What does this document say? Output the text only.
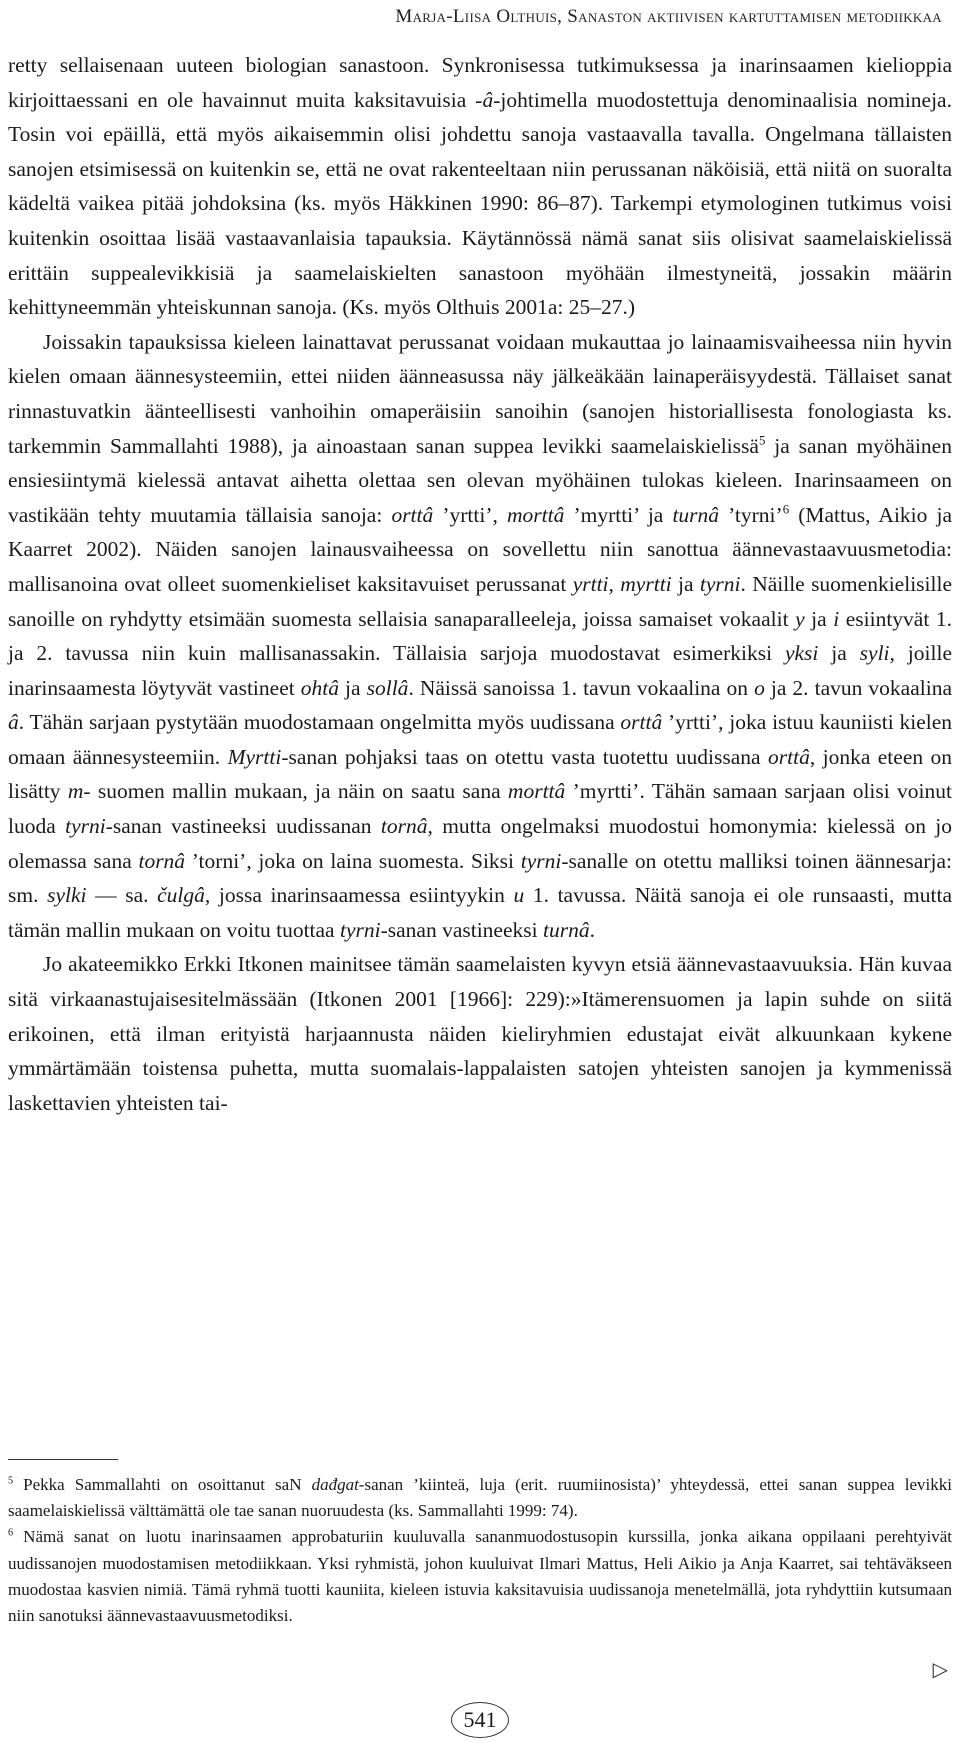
Marja-Liisa Olthuis, Sanaston aktiivisen kartuttamisen metodiikkaa

retty sellaisenaan uuteen biologian sanastoon. Synkronisessa tutkimuksessa ja inarinsaamen kielioppia kirjoittaessani en ole havainnut muita kaksitavuisia -â-johtimella muodostettuja denominaalisia nomineja. Tosin voi epäillä, että myös aikaisemmin olisi johdettu sanoja vastaavalla tavalla. Ongelmana tällaisten sanojen etsimisessä on kuitenkin se, että ne ovat rakenteeltaan niin perussanan näköisiä, että niitä on suoralta kädeltä vaikea pitää johdoksina (ks. myös Häkkinen 1990: 86–87). Tarkempi etymologinen tutkimus voisi kuitenkin osoittaa lisää vastaavanlaisia tapauksia. Käytännössä nämä sanat siis olisivat saamelaiskielissä erittäin suppealevikkisiä ja saamelaiskielten sanastoon myöhään ilmestyneitä, jossakin määrin kehittyneemmän yhteiskunnan sanoja. (Ks. myös Olthuis 2001a: 25–27.)

Joissakin tapauksissa kieleen lainattavat perussanat voidaan mukauttaa jo lainaamisvaiheessa niin hyvin kielen omaan äännesysteemiin, ettei niiden äänneasussa näy jälkeäkään lainaperäisyydestä. Tällaiset sanat rinnastuvatkin äänteellisesti vanhoihin omaperäisiin sanoihin (sanojen historiallisesta fonologiasta ks. tarkemmin Sammallahti 1988), ja ainoastaan sanan suppea levikki saamelaiskielissä$^5$ ja sanan myöhäinen ensiesiintymä kielessä antavat aihetta olettaa sen olevan myöhäinen tulokas kieleen. Inarinsaameen on vastikään tehty muutamia tällaisia sanoja: orttâ ’yrtti’, morttâ ’myrtti’ ja turnâ ’tyrni’$^6$ (Mattus, Aikio ja Kaarret 2002). Näiden sanojen lainausvaiheessa on sovellettu niin sanottua äännevastaavuusmetodia: mallisanoina ovat olleet suomenkieliset kaksitavuiset perussanat yrtti, myrtti ja tyrni. Näille suomenkielisille sanoille on ryhdytty etsimään suomesta sellaisia sanaparalleeleja, joissa samaiset vokaalit y ja i esiintyvät 1. ja 2. tavussa niin kuin mallisanassakin. Tällaisia sarjoja muodostavat esimerkiksi yksi ja syli, joille inarinsaamesta löytyvät vastineet ohtâ ja sollâ. Näissä sanoissa 1. tavun vokaalina on o ja 2. tavun vokaalina â. Tähän sarjaan pystytään muodostamaan ongelmitta myös uudissana orttâ ’yrtti’, joka istuu kauniisti kielen omaan äännesysteemiin. Myrtti-sanan pohjaksi taas on otettu vasta tuotettu uudissana orttâ, jonka eteen on lisätty m- suomen mallin mukaan, ja näin on saatu sana morttâ ’myrtti’. Tähän samaan sarjaan olisi voinut luoda tyrni-sanan vastineeksi uudissanan tornâ, mutta ongelmaksi muodostui homonymia: kielessä on jo olemassa sana tornâ ’torni’, joka on laina suomesta. Siksi tyrni-sanalle on otettu malliksi toinen äännesarja: sm. sylki — sa. čulgâ, jossa inarinsaamessa esiintyykin u 1. tavussa. Näitä sanoja ei ole runsaasti, mutta tämän mallin mukaan on voitu tuottaa tyrni-sanan vastineeksi turnâ.

Jo akateemikko Erkki Itkonen mainitsee tämän saamelaisten kyvyn etsiä äännevastaavuuksia. Hän kuvaa sitä virkaanastujaisesitelmässään (Itkonen 2001 [1966]: 229):»Itämerensuomen ja lapin suhde on siitä erikoinen, että ilman erityistä harjaannusta näiden kieliryhmien edustajat eivät alkuunkaan kykene ymmärtämään toistensa puhetta, mutta suomalais-lappalaisten satojen yhteisten sanojen ja kymmenissä laskettavien yhteisten tai-

$^5$ Pekka Sammallahti on osoittanut saN dađgat-sanan ’kiinteä, luja (erit. ruumiinosista)’ yhteydessä, ettei sanan suppea levikki saamelaiskielissä välttämättä ole tae sanan nuoruudesta (ks. Sammallahti 1999: 74).

$^6$ Nämä sanat on luotu inarinsaamen approbaturiin kuuluvalla sananmuodostusopin kurssilla, jonka aikana oppilaani perehtyivät uudissanojen muodostamisen metodiikkaan. Yksi ryhmistä, johon kuuluivat Ilmari Mattus, Heli Aikio ja Anja Kaarret, sai tehtäväkseen muodostaa kasvien nimiä. Tämä ryhmä tuotti kauniita, kieleen istuvia kaksitavuisia uudissanoja menetelmällä, jota ryhdyttiin kutsumaan niin sanotuksi äännevastaavuusmetodiksi.

▷
541
